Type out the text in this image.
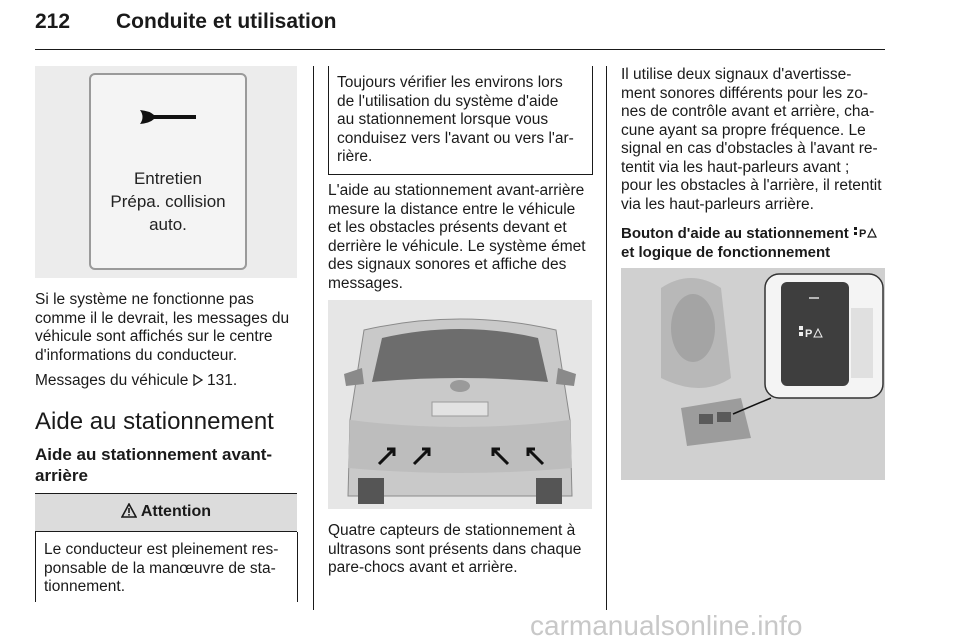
212 Conduite et utilisation
Entretien
Prépa. collision
auto.
Si le système ne fonctionne pas
comme il le devrait, les messages du
véhicule sont affichés sur le centre
d'informations du conducteur.
Messages du véhicule 131.
Aide au stationnement
Aide au stationnement avant-
arrière
Attention
Le conducteur est pleinement res-
ponsable de la manœuvre de sta-
tionnement.
Toujours vérifier les environs lors
de l'utilisation du système d'aide
au stationnement lorsque vous
conduisez vers l'avant ou vers l'ar-
rière.
L'aide au stationnement avant-arrière
mesure la distance entre le véhicule
et les obstacles présents devant et
derrière le véhicule. Le système émet
des signaux sonores et affiche des
messages.
Quatre capteurs de stationnement à
ultrasons sont présents dans chaque
pare-chocs avant et arrière.
Il utilise deux signaux d'avertisse-
ment sonores différents pour les zo-
nes de contrôle avant et arrière, cha-
cune ayant sa propre fréquence. Le
signal en cas d'obstacles à l'avant re-
tentit via les haut-parleurs avant ;
pour les obstacles à l'arrière, il retentit
via les haut-parleurs arrière.
Bouton d'aide au stationnement P
et logique de fonctionnement
P
carmanualsonline.info
